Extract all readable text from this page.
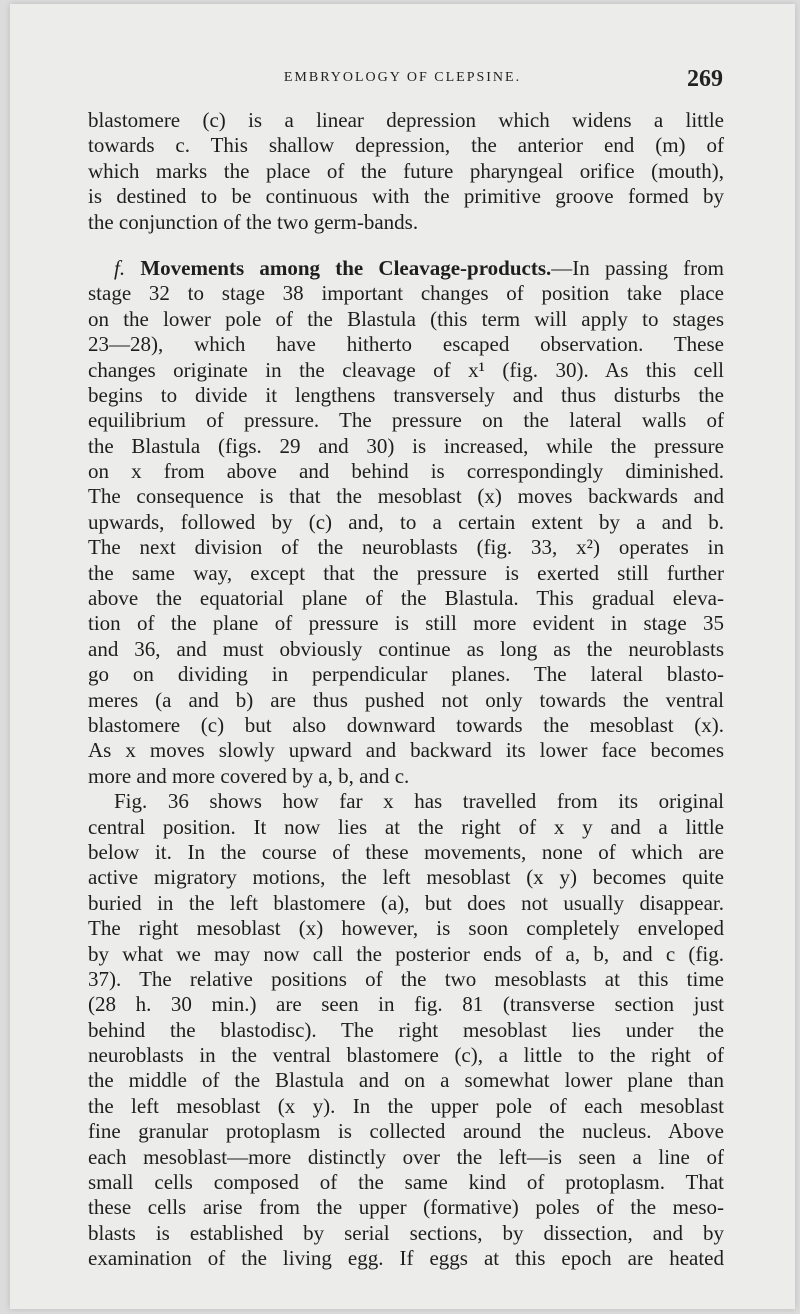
EMBRYOLOGY OF CLEPSINE.	269
blastomere (c) is a linear depression which widens a little
towards c. This shallow depression, the anterior end (m) of
which marks the place of the future pharyngeal orifice (mouth),
is destined to be continuous with the primitive groove formed by
the conjunction of the two germ-bands.
f. Movements among the Cleavage-products.—In passing from
stage 32 to stage 38 important changes of position take place
on the lower pole of the Blastula (this term will apply to stages
23—28), which have hitherto escaped observation. These
changes originate in the cleavage of x¹ (fig. 30). As this cell
begins to divide it lengthens transversely and thus disturbs the
equilibrium of pressure. The pressure on the lateral walls of
the Blastula (figs. 29 and 30) is increased, while the pressure
on x from above and behind is correspondingly diminished.
The consequence is that the mesoblast (x) moves backwards and
upwards, followed by (c) and, to a certain extent by a and b.
The next division of the neuroblasts (fig. 33, x²) operates in
the same way, except that the pressure is exerted still further
above the equatorial plane of the Blastula. This gradual eleva-
tion of the plane of pressure is still more evident in stage 35
and 36, and must obviously continue as long as the neuroblasts
go on dividing in perpendicular planes. The lateral blasto-
meres (a and b) are thus pushed not only towards the ventral
blastomere (c) but also downward towards the mesoblast (x).
As x moves slowly upward and backward its lower face becomes
more and more covered by a, b, and c.
Fig. 36 shows how far x has travelled from its original
central position. It now lies at the right of x y and a little
below it. In the course of these movements, none of which are
active migratory motions, the left mesoblast (x y) becomes quite
buried in the left blastomere (a), but does not usually disappear.
The right mesoblast (x) however, is soon completely enveloped
by what we may now call the posterior ends of a, b, and c (fig.
37). The relative positions of the two mesoblasts at this time
(28 h. 30 min.) are seen in fig. 81 (transverse section just
behind the blastodisc). The right mesoblast lies under the
neuroblasts in the ventral blastomere (c), a little to the right of
the middle of the Blastula and on a somewhat lower plane than
the left mesoblast (x y). In the upper pole of each mesoblast
fine granular protoplasm is collected around the nucleus. Above
each mesoblast—more distinctly over the left—is seen a line of
small cells composed of the same kind of protoplasm. That
these cells arise from the upper (formative) poles of the meso-
blasts is established by serial sections, by dissection, and by
examination of the living egg. If eggs at this epoch are heated
